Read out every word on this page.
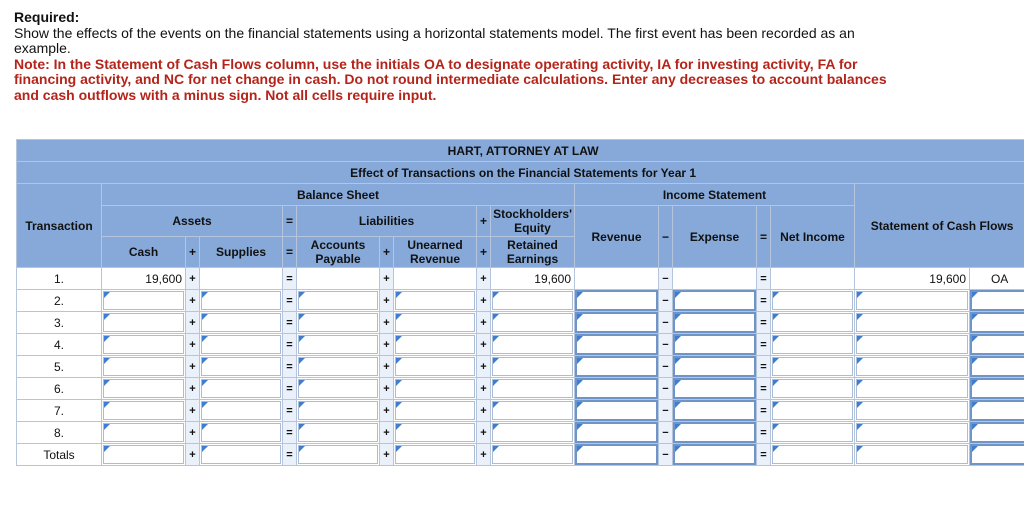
Required:

Show the effects of the events on the financial statements using a horizontal statements model. The first event has been recorded as an example.

Note: In the Statement of Cash Flows column, use the initials OA to designate operating activity, IA for investing activity, FA for financing activity, and NC for net change in cash. Do not round intermediate calculations. Enter any decreases to account balances and cash outflows with a minus sign. Not all cells require input.

HART, ATTORNEY AT LAW																
Effect of Transactions on the Financial Statements for Year 1																
Transaction	Balance Sheet									Income Statement					Statement of Cash Flows	
	Assets			=	Liabilities			+	Stockholders' Equity	Revenue	−	Expense	=	Net Income		
	Cash	+	Supplies	=	Accounts Payable	+	Unearned Revenue	+	Retained Earnings							
1.	19,600	+		=		+		+	19,600		−		=		19,600	OA
2.		+		=		+		+			−		=	

3.		+		=		+		+			−		=	

4.		+		=		+		+			−		=	

5.		+		=		+		+			−		=	

6.		+		=		+		+			−		=	

7.		+		=		+		+			−		=	

8.		+		=		+		+			−		=	

Totals		+		=		+		+			−		=	
